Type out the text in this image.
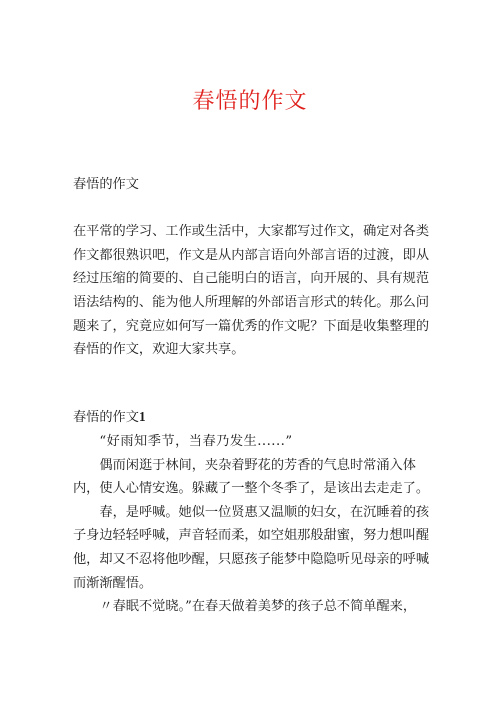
春悟的作文

春悟的作文

在平常的学习、工作或生活中，大家都写过作文，确定对各类作文都很熟识吧，作文是从内部言语向外部言语的过渡，即从经过压缩的简要的、自己能明白的语言，向开展的、具有规范语法结构的、能为他人所理解的外部语言形式的转化。那么问题来了，究竟应如何写一篇优秀的作文呢？下面是收集整理的春悟的作文，欢迎大家共享。

春悟的作文1

“好雨知季节，当春乃发生......”

偶而闲逛于林间，夹杂着野花的芳香的气息时常涌入体内，使人心情安逸。躲藏了一整个冬季了，是该出去走走了。

春，是呼喊。她似一位贤惠又温顺的妇女，在沉睡着的孩子身边轻轻呼喊，声音轻而柔，如空姐那般甜蜜，努力想叫醒他，却又不忍将他吵醒，只愿孩子能梦中隐隐听见母亲的呼喊而渐渐醒悟。

〃春眠不觉晓。”在春天做着美梦的孩子总不简单醒来，
